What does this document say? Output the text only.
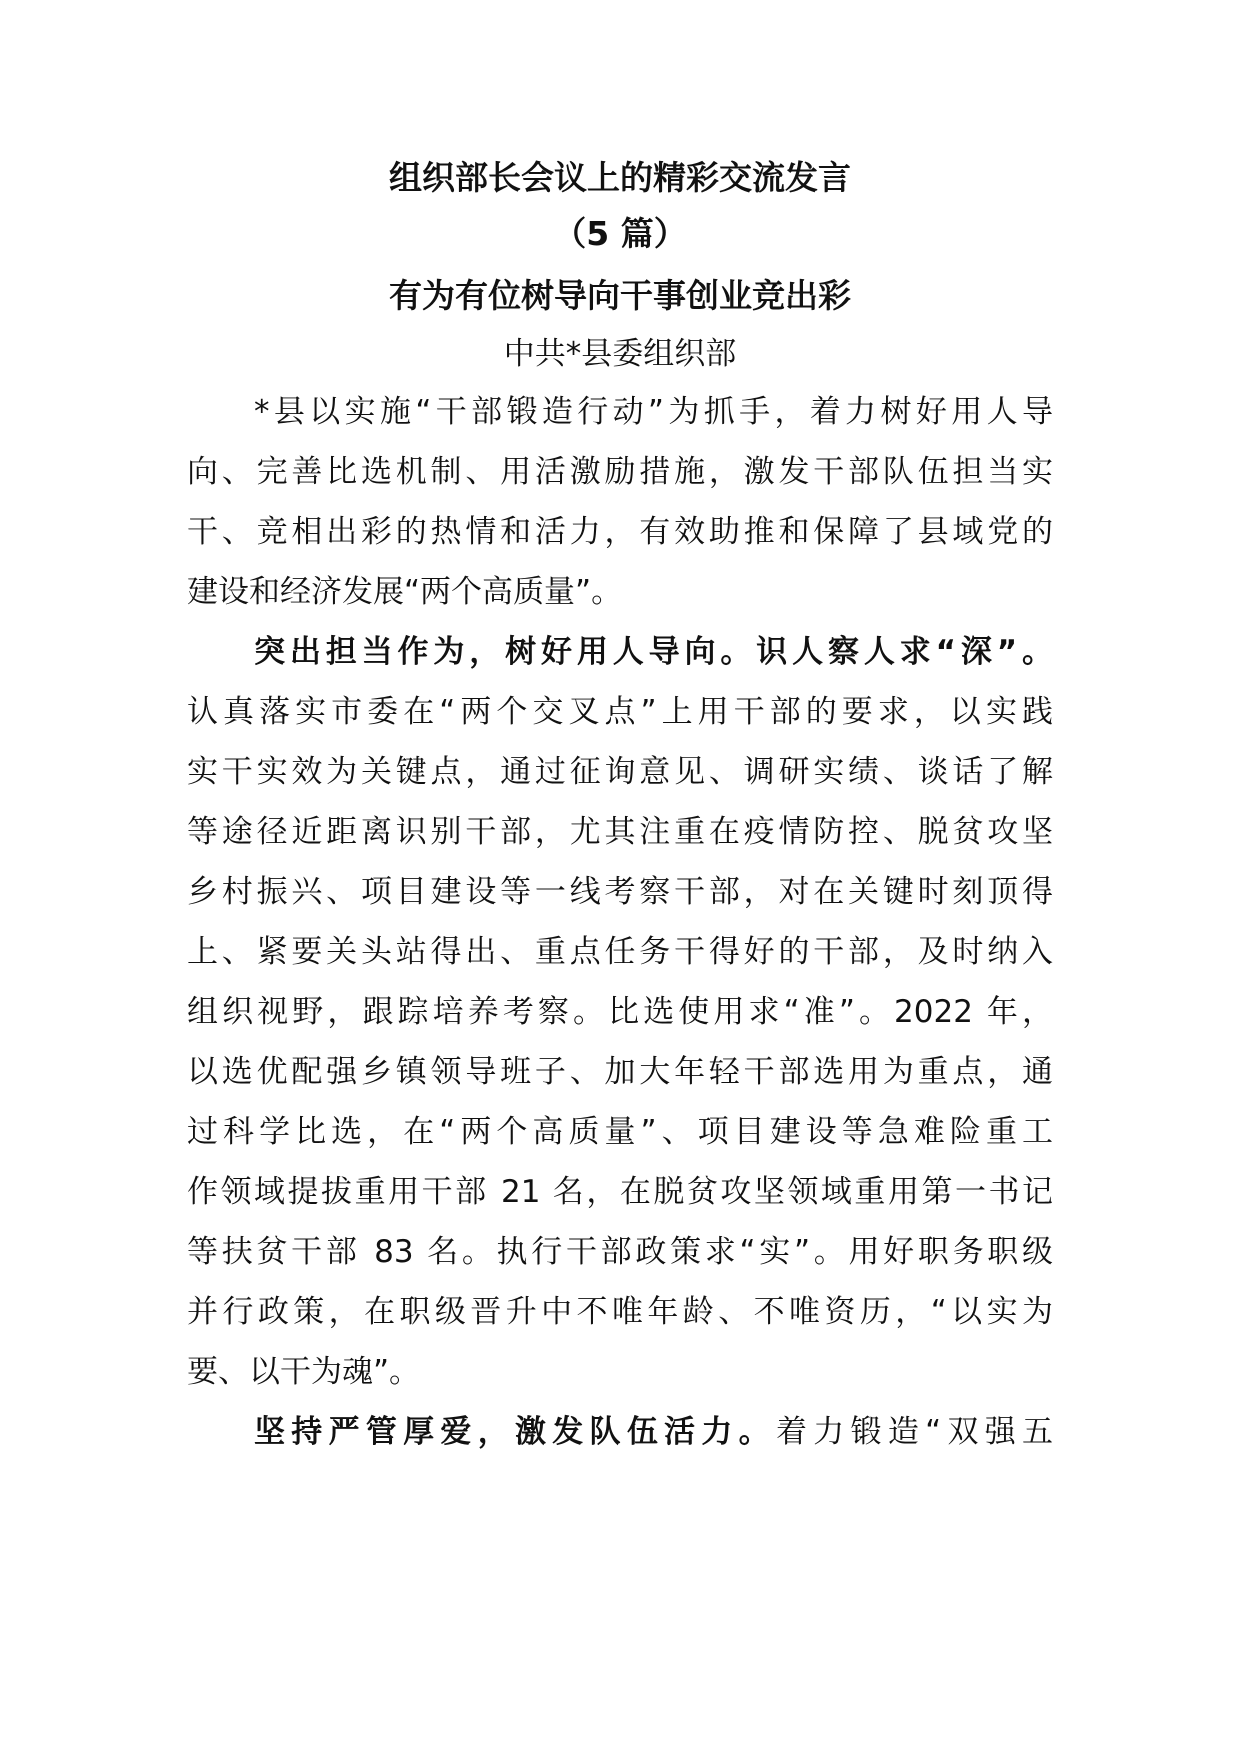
组织部长会议上的精彩交流发言
（5 篇）
有为有位树导向干事创业竞出彩
中共*县委组织部
*县以实施“干部锻造行动”为抓手，着力树好用人导
向、完善比选机制、用活激励措施，激发干部队伍担当实
干、竞相出彩的热情和活力，有效助推和保障了县域党的
建设和经济发展“两个高质量”。
突出担当作为，树好用人导向。识人察人求“深”。
认真落实市委在“两个交叉点”上用干部的要求，以实践
实干实效为关键点，通过征询意见、调研实绩、谈话了解
等途径近距离识别干部，尤其注重在疫情防控、脱贫攻坚
乡村振兴、项目建设等一线考察干部，对在关键时刻顶得
上、紧要关头站得出、重点任务干得好的干部，及时纳入
组织视野，跟踪培养考察。比选使用求“准”。2022 年，
以选优配强乡镇领导班子、加大年轻干部选用为重点，通
过科学比选，在“两个高质量”、项目建设等急难险重工
作领域提拔重用干部 21 名，在脱贫攻坚领域重用第一书记
等扶贫干部 83 名。执行干部政策求“实”。用好职务职级
并行政策，在职级晋升中不唯年龄、不唯资历，“以实为
要、以干为魂”。
坚持严管厚爱，激发队伍活力。着力锻造“双强五
